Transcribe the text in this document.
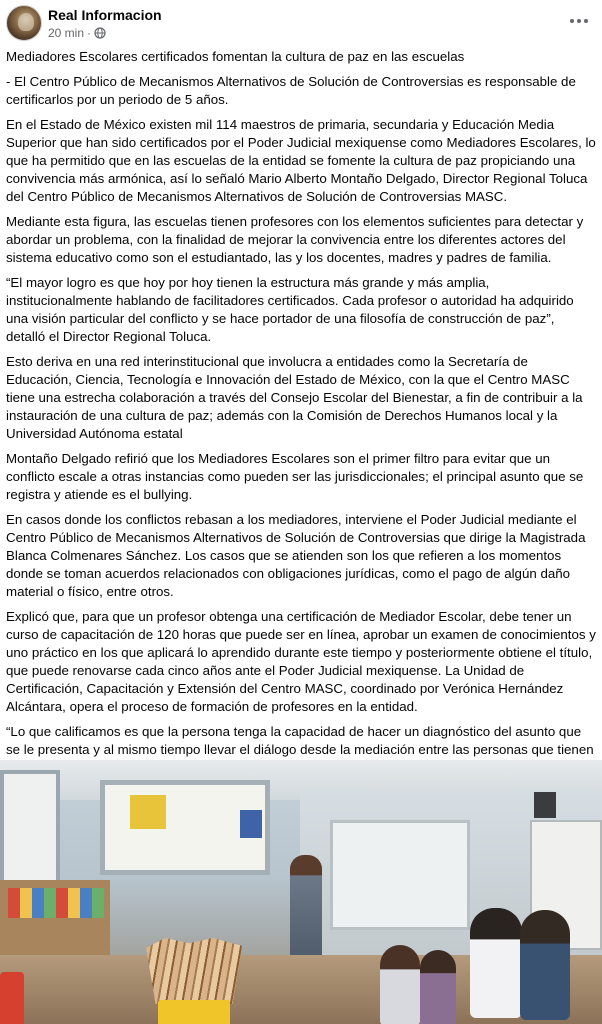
Real Informacion
20 min ·

Mediadores Escolares certificados fomentan la cultura de paz en las escuelas

- El Centro Público de Mecanismos Alternativos de Solución de Controversias es responsable de certificarlos por un periodo de 5 años.

En el Estado de México existen mil 114 maestros de primaria, secundaria y Educación Media Superior que han sido certificados por el Poder Judicial mexiquense como Mediadores Escolares, lo que ha permitido que en las escuelas de la entidad se fomente la cultura de paz propiciando una convivencia más armónica, así lo señaló Mario Alberto Montaño Delgado, Director Regional Toluca del Centro Público de Mecanismos Alternativos de Solución de Controversias MASC.

Mediante esta figura, las escuelas tienen profesores con los elementos suficientes para detectar y abordar un problema, con la finalidad de mejorar la convivencia entre los diferentes actores del sistema educativo como son el estudiantado, las y los docentes, madres y padres de familia.

“El mayor logro es que hoy por hoy tienen la estructura más grande y más amplia, institucionalmente hablando de facilitadores certificados. Cada profesor o autoridad ha adquirido una visión particular del conflicto y se hace portador de una filosofía de construcción de paz”, detalló el Director Regional Toluca.

Esto deriva en una red interinstitucional que involucra a entidades como la Secretaría de Educación, Ciencia, Tecnología e Innovación del Estado de México, con la que el Centro MASC tiene una estrecha colaboración a través del Consejo Escolar del Bienestar, a fin de contribuir a la instauración de una cultura de paz; además con la Comisión de Derechos Humanos local y la Universidad Autónoma estatal

Montaño Delgado refirió que los Mediadores Escolares son el primer filtro para evitar que un conflicto escale a otras instancias como pueden ser las jurisdiccionales; el principal asunto que se registra y atiende es el bullying.

En casos donde los conflictos rebasan a los mediadores, interviene el Poder Judicial mediante el Centro Público de Mecanismos Alternativos de Solución de Controversias que dirige la Magistrada Blanca Colmenares Sánchez. Los casos que se atienden son los que refieren a los momentos donde se toman acuerdos relacionados con obligaciones jurídicas, como el pago de algún daño material o físico, entre otros.

Explicó que, para que un profesor obtenga una certificación de Mediador Escolar, debe tener un curso de capacitación de 120 horas que puede ser en línea, aprobar un examen de conocimientos y uno práctico en los que aplicará lo aprendido durante este tiempo y posteriormente obtiene el título, que puede renovarse cada cinco años ante el Poder Judicial mexiquense. La Unidad de Certificación, Capacitación y Extensión del Centro MASC, coordinado por Verónica Hernández Alcántara, opera el proceso de formación de profesores en la entidad.

“Lo que calificamos es que la persona tenga la capacidad de hacer un diagnóstico del asunto que se le presenta y al mismo tiempo llevar el diálogo desde la mediación entre las personas que tienen
